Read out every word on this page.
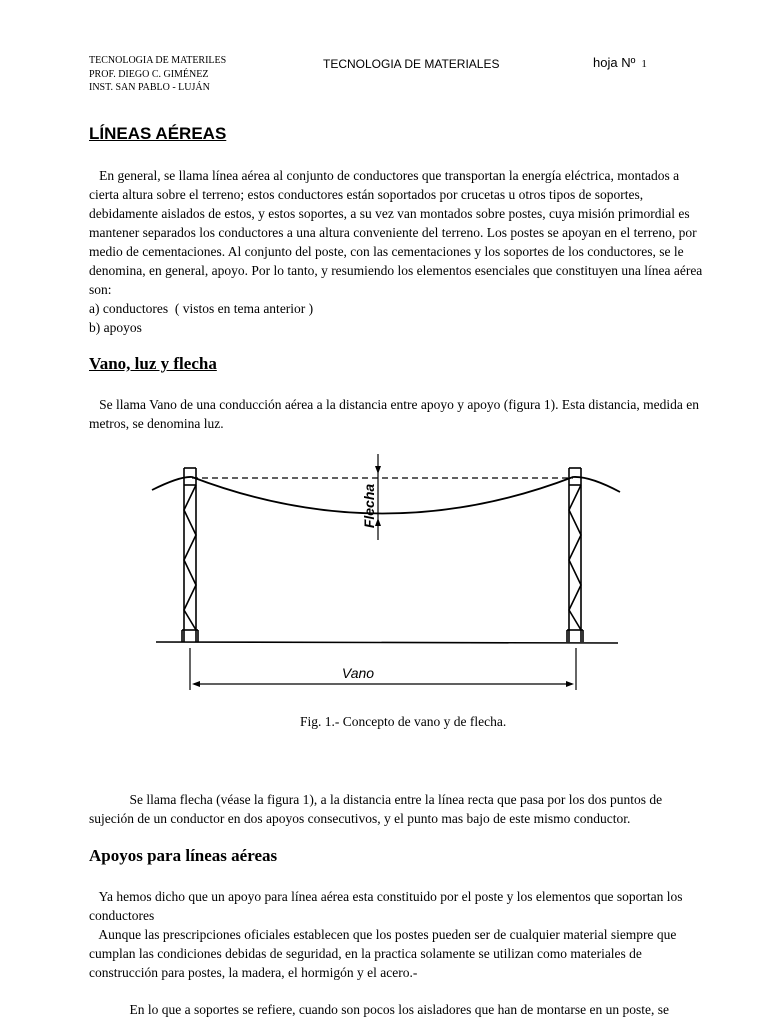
TECNOLOGIA DE MATERILES
PROF. DIEGO C. GIMÉNEZ
INST. SAN PABLO - LUJÁN
TECNOLOGIA DE MATERIALES	hoja Nº 1
LÍNEAS AÉREAS
En general, se llama línea aérea al conjunto de conductores que transportan la energía eléctrica, montados a
cierta altura sobre el terreno; estos conductores están soportados por crucetas u otros tipos de soportes,
debidamente aislados de estos, y estos soportes, a su vez van montados sobre postes, cuya misión primordial es
mantener separados los conductores a una altura conveniente del terreno. Los postes se apoyan en el terreno, por
medio de cementaciones. Al conjunto del poste, con las cementaciones y los soportes de los conductores, se le
denomina, en general, apoyo. Por lo tanto, y resumiendo los elementos esenciales que constituyen una línea aérea
son:
a) conductores  ( vistos en tema anterior )
b) apoyos
Vano, luz y flecha
Se llama Vano de una conducción aérea a la distancia entre apoyo y apoyo (figura 1). Esta distancia, medida en
metros, se denomina luz.
Flecha
Vano
Fig. 1.- Concepto de vano y de flecha.
Se llama flecha (véase la figura 1), a la distancia entre la línea recta que pasa por los dos puntos de
sujeción de un conductor en dos apoyos consecutivos, y el punto mas bajo de este mismo conductor.
Apoyos para líneas aéreas
Ya hemos dicho que un apoyo para línea aérea esta constituido por el poste y los elementos que soportan los
conductores
Aunque las prescripciones oficiales establecen que los postes pueden ser de cualquier material siempre que
cumplan las condiciones debidas de seguridad, en la practica solamente se utilizan como materiales de
construcción para postes, la madera, el hormigón y el acero.-
En lo que a soportes se refiere, cuando son pocos los aisladores que han de montarse en un poste, se
